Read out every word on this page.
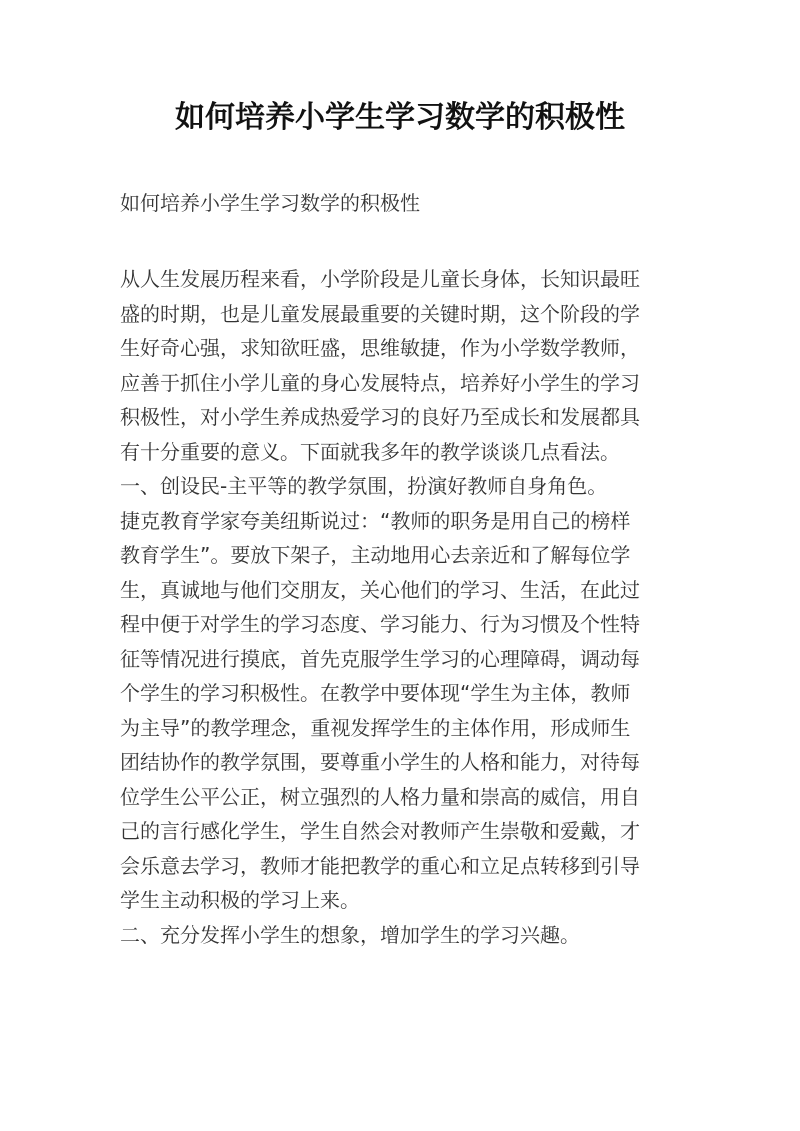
如何培养小学生学习数学的积极性

如何培养小学生学习数学的积极性

从人生发展历程来看，小学阶段是儿童长身体，长知识最旺
盛的时期，也是儿童发展最重要的关键时期，这个阶段的学
生好奇心强，求知欲旺盛，思维敏捷，作为小学数学教师，
应善于抓住小学儿童的身心发展特点，培养好小学生的学习
积极性，对小学生养成热爱学习的良好乃至成长和发展都具
有十分重要的意义。下面就我多年的教学谈谈几点看法。
一、创设民-主平等的教学氛围，扮演好教师自身角色。
捷克教育学家夸美纽斯说过：“教师的职务是用自己的榜样
教育学生”。要放下架子，主动地用心去亲近和了解每位学
生，真诚地与他们交朋友，关心他们的学习、生活，在此过
程中便于对学生的学习态度、学习能力、行为习惯及个性特
征等情况进行摸底，首先克服学生学习的心理障碍，调动每
个学生的学习积极性。在教学中要体现“学生为主体，教师
为主导”的教学理念，重视发挥学生的主体作用，形成师生
团结协作的教学氛围，要尊重小学生的人格和能力，对待每
位学生公平公正，树立强烈的人格力量和崇高的威信，用自
己的言行感化学生，学生自然会对教师产生崇敬和爱戴，才
会乐意去学习，教师才能把教学的重心和立足点转移到引导
学生主动积极的学习上来。
二、充分发挥小学生的想象，增加学生的学习兴趣。
